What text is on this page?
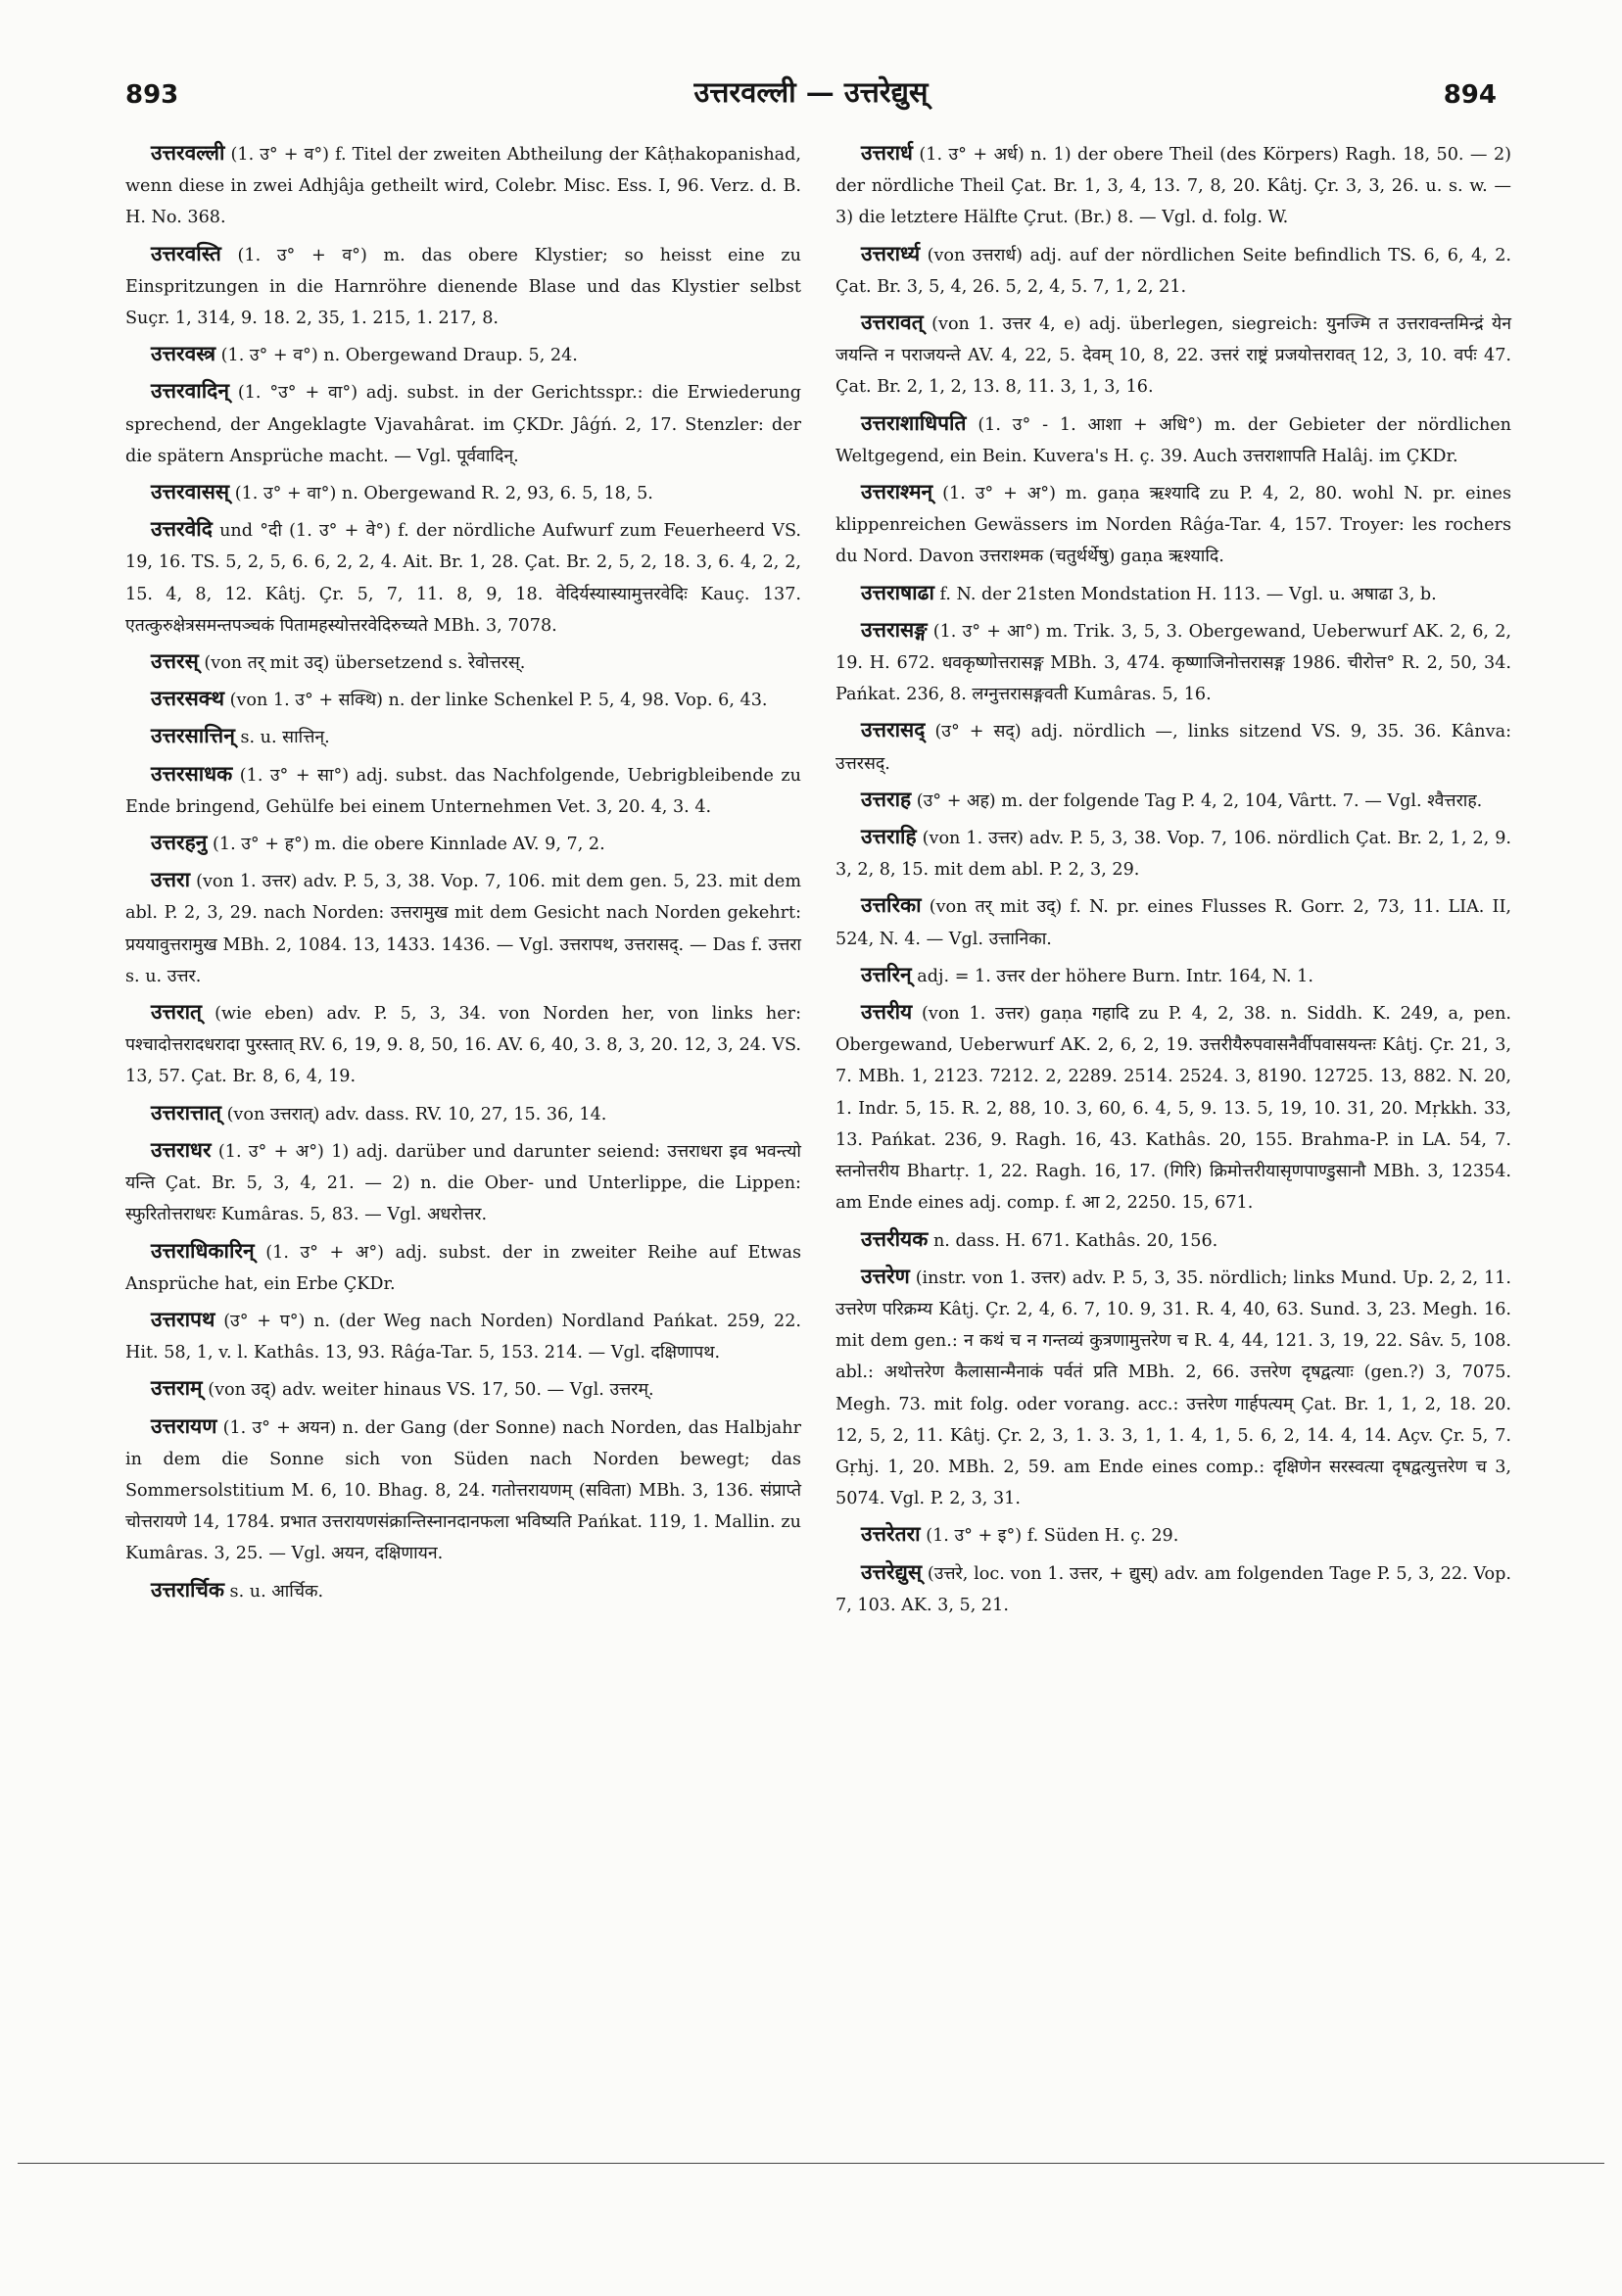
893	उत्तरवल्ली — उत्तरेद्युस्	894

उत्तरवल्ली (1. उ° + व°) f. Titel der zweiten Abtheilung der Kâṭhakopanishad, wenn diese in zwei Adhjâja getheilt wird, Colebr. Misc. Ess. I, 96. Verz. d. B. H. No. 368.

उत्तरवस्ति (1. उ° + व°) m. das obere Klystier; so heisst eine zu Einspritzungen in die Harnröhre dienende Blase und das Klystier selbst Suçr. 1, 314, 9. 18. 2, 35, 1. 215, 1. 217, 8.

उत्तरवस्त्र (1. उ° + व°) n. Obergewand Draup. 5, 24.

उत्तरवादिन् (1. °उ° + वा°) adj. subst. in der Gerichtsspr.: die Erwiederung sprechend, der Angeklagte Vjavahârat. im ÇKDr. Jâǵń. 2, 17. Stenzler: der die spätern Ansprüche macht. — Vgl. पूर्ववादिन्.

उत्तरवासस् (1. उ° + वा°) n. Obergewand R. 2, 93, 6. 5, 18, 5.

उत्तरवेदि und °दी (1. उ° + वे°) f. der nördliche Aufwurf zum Feuerheerd VS. 19, 16. TS. 5, 2, 5, 6. 6, 2, 2, 4. Ait. Br. 1, 28. Çat. Br. 2, 5, 2, 18. 3, 6. 4, 2, 2, 15. 4, 8, 12. Kâtj. Çr. 5, 7, 11. 8, 9, 18. वेदिर्यस्यास्यामुत्तरवेदिः Kauç. 137. एतत्कुरुक्षेत्रसमन्तपञ्चकं पितामहस्योत्तरवेदिरुच्यते MBh. 3, 7078.

उत्तरस् (von तर् mit उद्) übersetzend s. रेवोत्तरस्.

उत्तरसक्थ (von 1. उ° + सक्थि) n. der linke Schenkel P. 5, 4, 98. Vop. 6, 43.

उत्तरसात्तिन् s. u. सात्तिन्.

उत्तरसाधक (1. उ° + सा°) adj. subst. das Nachfolgende, Uebrigbleibende zu Ende bringend, Gehülfe bei einem Unternehmen Vet. 3, 20. 4, 3. 4.

उत्तरहनु (1. उ° + ह°) m. die obere Kinnlade AV. 9, 7, 2.

उत्तरा (von 1. उत्तर) adv. P. 5, 3, 38. Vop. 7, 106. mit dem gen. 5, 23. mit dem abl. P. 2, 3, 29. nach Norden: उत्तरामुख mit dem Gesicht nach Norden gekehrt: प्रययावुत्तरामुख MBh. 2, 1084. 13, 1433. 1436. — Vgl. उत्तरापथ, उत्तरासद्. — Das f. उत्तरा s. u. उत्तर.

उत्तरात् (wie eben) adv. P. 5, 3, 34. von Norden her, von links her: पश्चादोत्तरादधरादा पुरस्तात् RV. 6, 19, 9. 8, 50, 16. AV. 6, 40, 3. 8, 3, 20. 12, 3, 24. VS. 13, 57. Çat. Br. 8, 6, 4, 19.

उत्तरात्तात् (von उत्तरात्) adv. dass. RV. 10, 27, 15. 36, 14.

उत्तराधर (1. उ° + अ°) 1) adj. darüber und darunter seiend: उत्तराधरा इव भवन्त्यो यन्ति Çat. Br. 5, 3, 4, 21. — 2) n. die Ober- und Unterlippe, die Lippen: स्फुरितोत्तराधरः Kumâras. 5, 83. — Vgl. अधरोत्तर.

उत्तराधिकारिन् (1. उ° + अ°) adj. subst. der in zweiter Reihe auf Etwas Ansprüche hat, ein Erbe ÇKDr.

उत्तरापथ (उ° + प°) n. (der Weg nach Norden) Nordland Pańkat. 259, 22. Hit. 58, 1, v. l. Kathâs. 13, 93. Râǵa-Tar. 5, 153. 214. — Vgl. दक्षिणापथ.

उत्तराम् (von उद्) adv. weiter hinaus VS. 17, 50. — Vgl. उत्तरम्.

उत्तरायण (1. उ° + अयन) n. der Gang (der Sonne) nach Norden, das Halbjahr in dem die Sonne sich von Süden nach Norden bewegt; das Sommersolstitium M. 6, 10. Bhag. 8, 24. गतोत्तरायणम् (सविता) MBh. 3, 136. संप्राप्ते चोत्तरायणे 14, 1784. प्रभात उत्तरायणसंक्रान्तिस्नानदानफला भविष्यति Pańkat. 119, 1. Mallin. zu Kumâras. 3, 25. — Vgl. अयन, दक्षिणायन.

उत्तरार्चिक s. u. आर्चिक.

उत्तरार्ध (1. उ° + अर्ध) n. 1) der obere Theil (des Körpers) Ragh. 18, 50. — 2) der nördliche Theil Çat. Br. 1, 3, 4, 13. 7, 8, 20. Kâtj. Çr. 3, 3, 26. u. s. w. — 3) die letztere Hälfte Çrut. (Br.) 8. — Vgl. d. folg. W.

उत्तरार्ध्य (von उत्तरार्ध) adj. auf der nördlichen Seite befindlich TS. 6, 6, 4, 2. Çat. Br. 3, 5, 4, 26. 5, 2, 4, 5. 7, 1, 2, 21.

उत्तरावत् (von 1. उत्तर 4, e) adj. überlegen, siegreich: युनज्मि त उत्तरावन्तमिन्द्रं येन जयन्ति न पराजयन्ते AV. 4, 22, 5. देवम् 10, 8, 22. उत्तरं राष्ट्रं प्रजयोत्तरावत् 12, 3, 10. वर्पः 47. Çat. Br. 2, 1, 2, 13. 8, 11. 3, 1, 3, 16.

उत्तराशाधिपति (1. उ° - 1. आशा + अधि°) m. der Gebieter der nördlichen Weltgegend, ein Bein. Kuvera's H. ç. 39. Auch उत्तराशापति Halâj. im ÇKDr.

उत्तराश्मन् (1. उ° + अ°) m. gaṇa ऋश्यादि zu P. 4, 2, 80. wohl N. pr. eines klippenreichen Gewässers im Norden Râǵa-Tar. 4, 157. Troyer: les rochers du Nord. Davon उत्तराश्मक (चतुर्थर्थेषु) gaṇa ऋश्यादि.

उत्तराषाढा f. N. der 21sten Mondstation H. 113. — Vgl. u. अषाढा 3, b.

उत्तरासङ्ग (1. उ° + आ°) m. Trik. 3, 5, 3. Obergewand, Ueberwurf AK. 2, 6, 2, 19. H. 672. धवकृष्णोत्तरासङ्ग MBh. 3, 474. कृष्णाजिनोत्तरासङ्ग 1986. चीरोत्त° R. 2, 50, 34. Pańkat. 236, 8. लग्नुत्तरासङ्गवती Kumâras. 5, 16.

उत्तरासद् (उ° + सद्) adj. nördlich —, links sitzend VS. 9, 35. 36. Kânva: उत्तरसद्.

उत्तराह (उ° + अह) m. der folgende Tag P. 4, 2, 104, Vârtt. 7. — Vgl. श्वैत्तराह.

उत्तराहि (von 1. उत्तर) adv. P. 5, 3, 38. Vop. 7, 106. nördlich Çat. Br. 2, 1, 2, 9. 3, 2, 8, 15. mit dem abl. P. 2, 3, 29.

उत्तरिका (von तर् mit उद्) f. N. pr. eines Flusses R. Gorr. 2, 73, 11. LIA. II, 524, N. 4. — Vgl. उत्तानिका.

उत्तरिन् adj. = 1. उत्तर der höhere Burn. Intr. 164, N. 1.

उत्तरीय (von 1. उत्तर) gaṇa गहादि zu P. 4, 2, 38. n. Siddh. K. 249, a, pen. Obergewand, Ueberwurf AK. 2, 6, 2, 19. उत्तरीयैरुपवासनैर्वीपवासयन्तः Kâtj. Çr. 21, 3, 7. MBh. 1, 2123. 7212. 2, 2289. 2514. 2524. 3, 8190. 12725. 13, 882. N. 20, 1. Indr. 5, 15. R. 2, 88, 10. 3, 60, 6. 4, 5, 9. 13. 5, 19, 10. 31, 20. Mṛkkh. 33, 13. Pańkat. 236, 9. Ragh. 16, 43. Kathâs. 20, 155. Brahma-P. in LA. 54, 7. स्तनोत्तरीय Bhartṛ. 1, 22. Ragh. 16, 17. (गिरि) क्रिमोत्तरीयासृणपाण्डुसानौ MBh. 3, 12354. am Ende eines adj. comp. f. आ 2, 2250. 15, 671.

उत्तरीयक n. dass. H. 671. Kathâs. 20, 156.

उत्तरेण (instr. von 1. उत्तर) adv. P. 5, 3, 35. nördlich; links Mund. Up. 2, 2, 11. उत्तरेण परिक्रम्य Kâtj. Çr. 2, 4, 6. 7, 10. 9, 31. R. 4, 40, 63. Sund. 3, 23. Megh. 16. mit dem gen.: न कथं च न गन्तव्यं कुत्रणामुत्तरेण च R. 4, 44, 121. 3, 19, 22. Sâv. 5, 108. abl.: अथोत्तरेण कैलासान्मैनाकं पर्वतं प्रति MBh. 2, 66. उत्तरेण दृषद्वत्याः (gen.?) 3, 7075. Megh. 73. mit folg. oder vorang. acc.: उत्तरेण गार्हपत्यम् Çat. Br. 1, 1, 2, 18. 20. 12, 5, 2, 11. Kâtj. Çr. 2, 3, 1. 3. 3, 1, 1. 4, 1, 5. 6, 2, 14. 4, 14. Açv. Çr. 5, 7. Gṛhj. 1, 20. MBh. 2, 59. am Ende eines comp.: दृक्षिणेन सरस्वत्या दृषद्वत्युत्तरेण च 3, 5074. Vgl. P. 2, 3, 31.

उत्तरेतरा (1. उ° + इ°) f. Süden H. ç. 29.

उत्तरेद्युस् (उत्तरे, loc. von 1. उत्तर, + द्युस्) adv. am folgenden Tage P. 5, 3, 22. Vop. 7, 103. AK. 3, 5, 21.
